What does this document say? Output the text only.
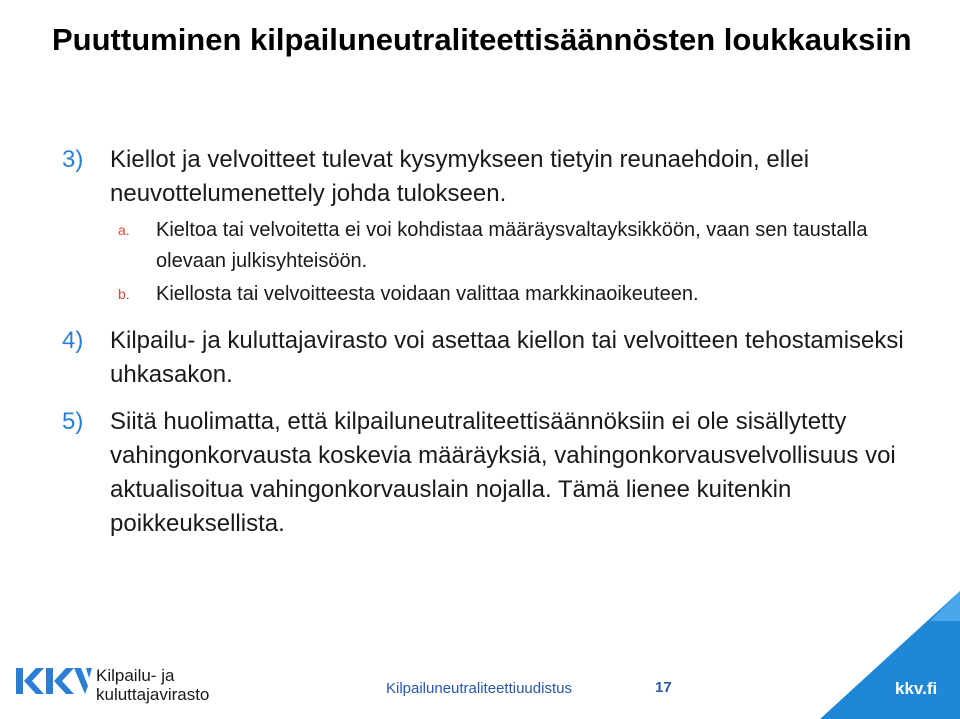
Puuttuminen kilpailuneutraliteettisäännösten loukkauksiin
3) Kiellot ja velvoitteet tulevat kysymykseen tietyin reunaehdoin, ellei neuvottelumenettely johda tulokseen.
a. Kieltoa tai velvoitetta ei voi kohdistaa määräysvaltayksikköön, vaan sen taustalla olevaan julkisyhteisöön.
b. Kiellosta tai velvoitteesta voidaan valittaa markkinaoikeuteen.
4) Kilpailu- ja kuluttajavirasto voi asettaa kiellon tai velvoitteen tehostamiseksi uhkasakon.
5) Siitä huolimatta, että kilpailuneutraliteettisäännöksiin ei ole sisällytetty vahingonkorvausta koskevia määräyksiä, vahingonkorvausvelvollisuus voi aktualisoitua vahingonkorvauslain nojalla. Tämä lienee kuitenkin poikkeuksellista.
Kilpailu- ja
kuluttajavirasto	Kilpailuneutraliteettiuudistus	17	kkv.fi
